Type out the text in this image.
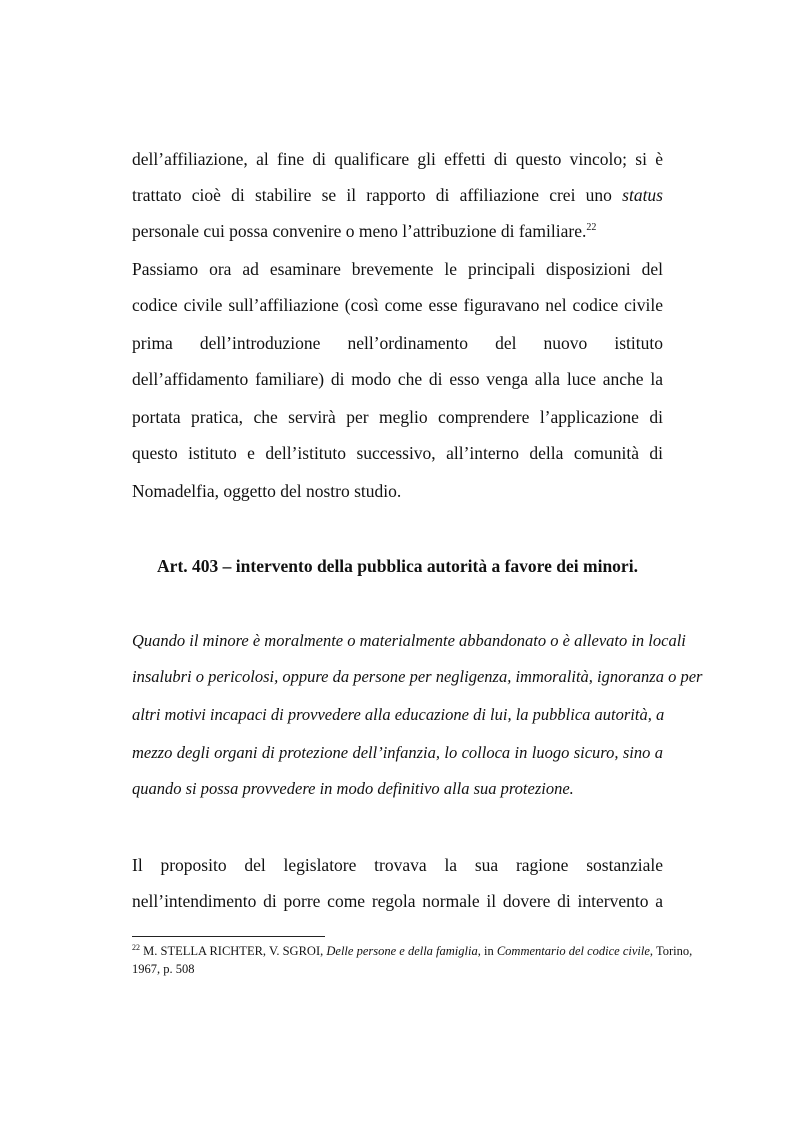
dell’affiliazione, al fine di qualificare gli effetti di questo vincolo; si è
trattato cioè di stabilire se il rapporto di affiliazione crei uno status
personale cui possa convenire o meno l’attribuzione di familiare.$^{22}$
Passiamo ora ad esaminare brevemente le principali disposizioni del
codice civile sull’affiliazione (così come esse figuravano nel codice civile
prima dell’introduzione nell’ordinamento del nuovo istituto
dell’affidamento familiare) di modo che di esso venga alla luce anche la
portata pratica, che servirà per meglio comprendere l’applicazione di
questo istituto e dell’istituto successivo, all’interno della comunità di
Nomadelfia, oggetto del nostro studio.
Art. 403 – intervento della pubblica autorità a favore dei minori.
Quando il minore è moralmente o materialmente abbandonato o è allevato in locali
insalubri o pericolosi, oppure da persone per negligenza, immoralità, ignoranza o per
altri motivi incapaci di provvedere alla educazione di lui, la pubblica autorità, a
mezzo degli organi di protezione dell’infanzia, lo colloca in luogo sicuro, sino a
quando si possa provvedere in modo definitivo alla sua protezione.
Il proposito del legislatore trovava la sua ragione sostanziale
nell’intendimento di porre come regola normale il dovere di intervento a
$^{22}$ M. STELLA RICHTER, V. SGROI, Delle persone e della famiglia, in Commentario del codice civile, Torino,
1967, p. 508
